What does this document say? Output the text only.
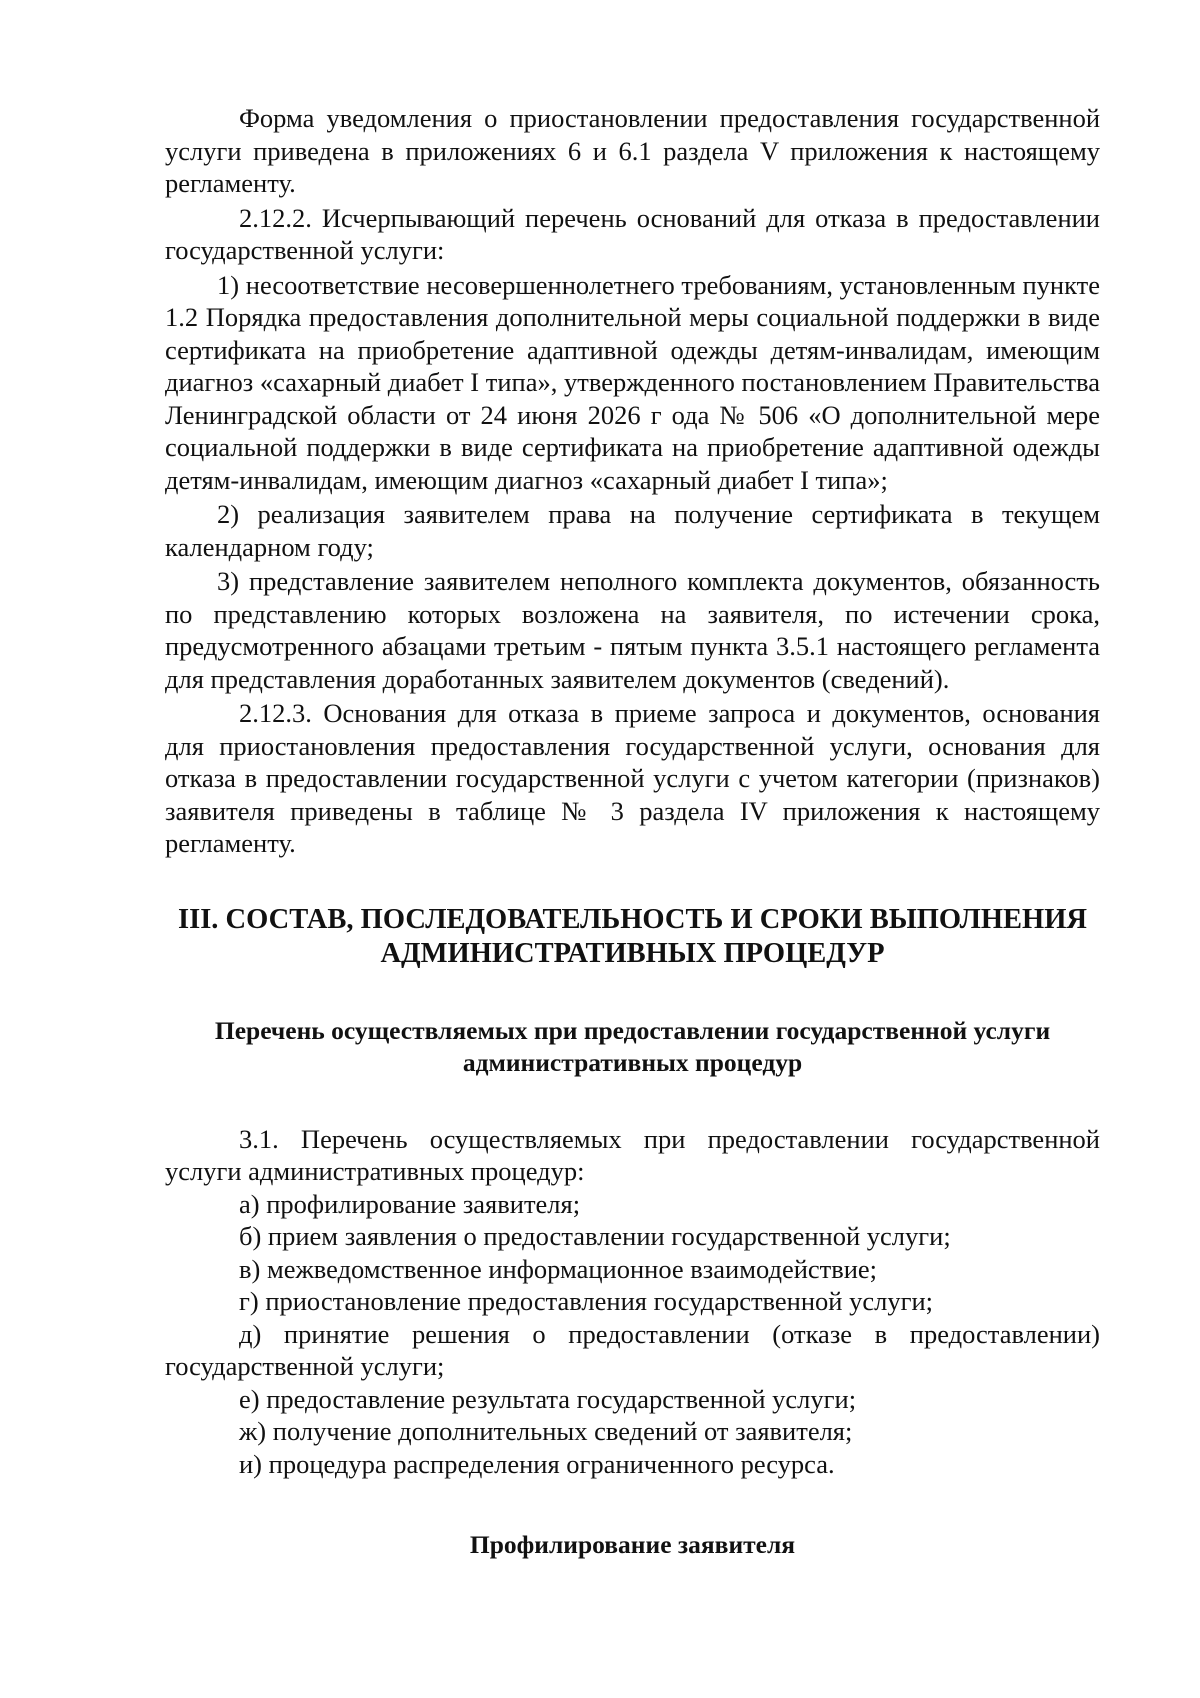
Форма уведомления о приостановлении предоставления государственной услуги приведена в приложениях 6 и 6.1 раздела V приложения к настоящему регламенту.

2.12.2. Исчерпывающий перечень оснований для отказа в предоставлении государственной услуги:

1) несоответствие несовершеннолетнего требованиям, установленным пункте 1.2 Порядка предоставления дополнительной меры социальной поддержки в виде сертификата на приобретение адаптивной одежды детям-инвалидам, имеющим диагноз «сахарный диабет I типа», утвержденного постановлением Правительства Ленинградской области от 24 июня 2026 г ода № 506 «О дополнительной мере социальной поддержки в виде сертификата на приобретение адаптивной одежды детям-инвалидам, имеющим диагноз «сахарный диабет I типа»;

2) реализация заявителем права на получение сертификата в текущем календарном году;

3) представление заявителем неполного комплекта документов, обязанность по представлению которых возложена на заявителя, по истечении срока, предусмотренного абзацами третьим - пятым пункта 3.5.1 настоящего регламента для представления доработанных заявителем документов (сведений).

2.12.3. Основания для отказа в приеме запроса и документов, основания для приостановления предоставления государственной услуги, основания для отказа в предоставлении государственной услуги с учетом категории (признаков) заявителя приведены в таблице № 3 раздела IV приложения к настоящему регламенту.

III. СОСТАВ, ПОСЛЕДОВАТЕЛЬНОСТЬ И СРОКИ ВЫПОЛНЕНИЯ
АДМИНИСТРАТИВНЫХ ПРОЦЕДУР
Перечень осуществляемых при предоставлении государственной услуги
административных процедур

3.1. Перечень осуществляемых при предоставлении государственной услуги административных процедур:

а) профилирование заявителя;
б) прием заявления о предоставлении государственной услуги;
в) межведомственное информационное взаимодействие;
г) приостановление предоставления государственной услуги;

д) принятие решения о предоставлении (отказе в предоставлении) государственной услуги;

е) предоставление результата государственной услуги;
ж) получение дополнительных сведений от заявителя;
и) процедура распределения ограниченного ресурса.
Профилирование заявителя
